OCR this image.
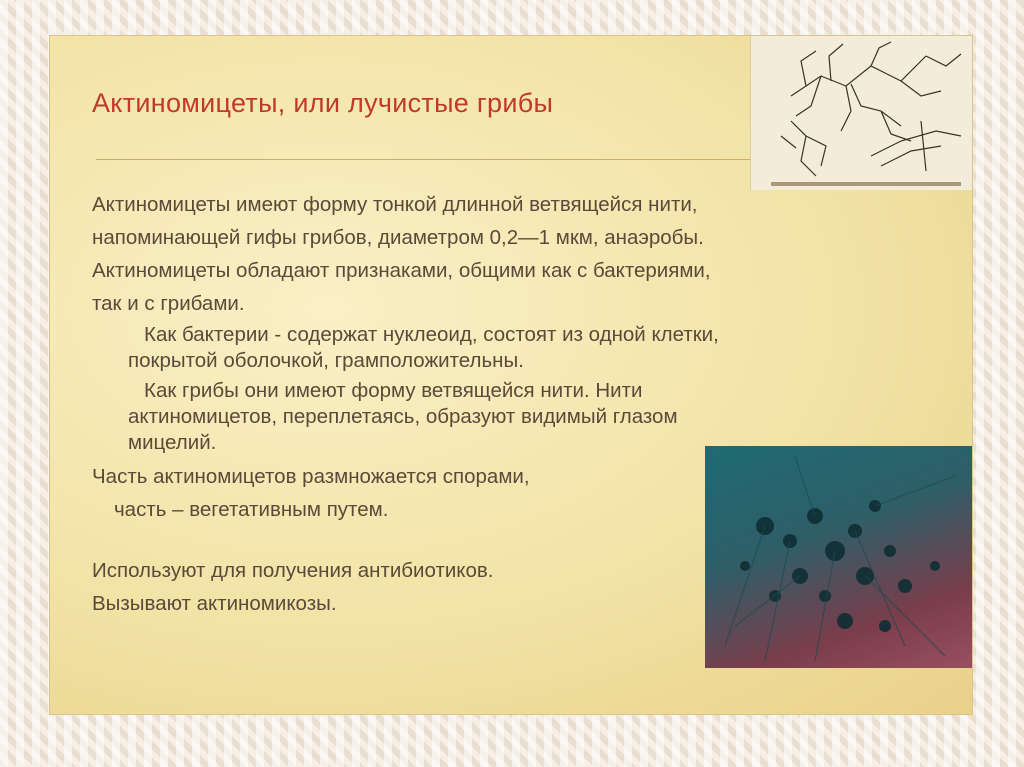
Актиномицеты, или лучистые грибы

Актиномицеты имеют форму тонкой длинной ветвящейся нити,

напоминающей гифы грибов, диаметром 0,2—1 мкм, анаэробы.

Актиномицеты обладают признаками, общими как с бактериями,

так и с грибами.

Как бактерии - содержат нуклеоид, состоят из одной клетки,

покрытой оболочкой, грамположительны.

Как грибы они имеют форму ветвящейся нити. Нити

актиномицетов, переплетаясь, образуют видимый глазом

мицелий.

Часть актиномицетов размножается спорами,

часть – вегетативным путем.

Используют для получения антибиотиков.

Вызывают актиномикозы.
